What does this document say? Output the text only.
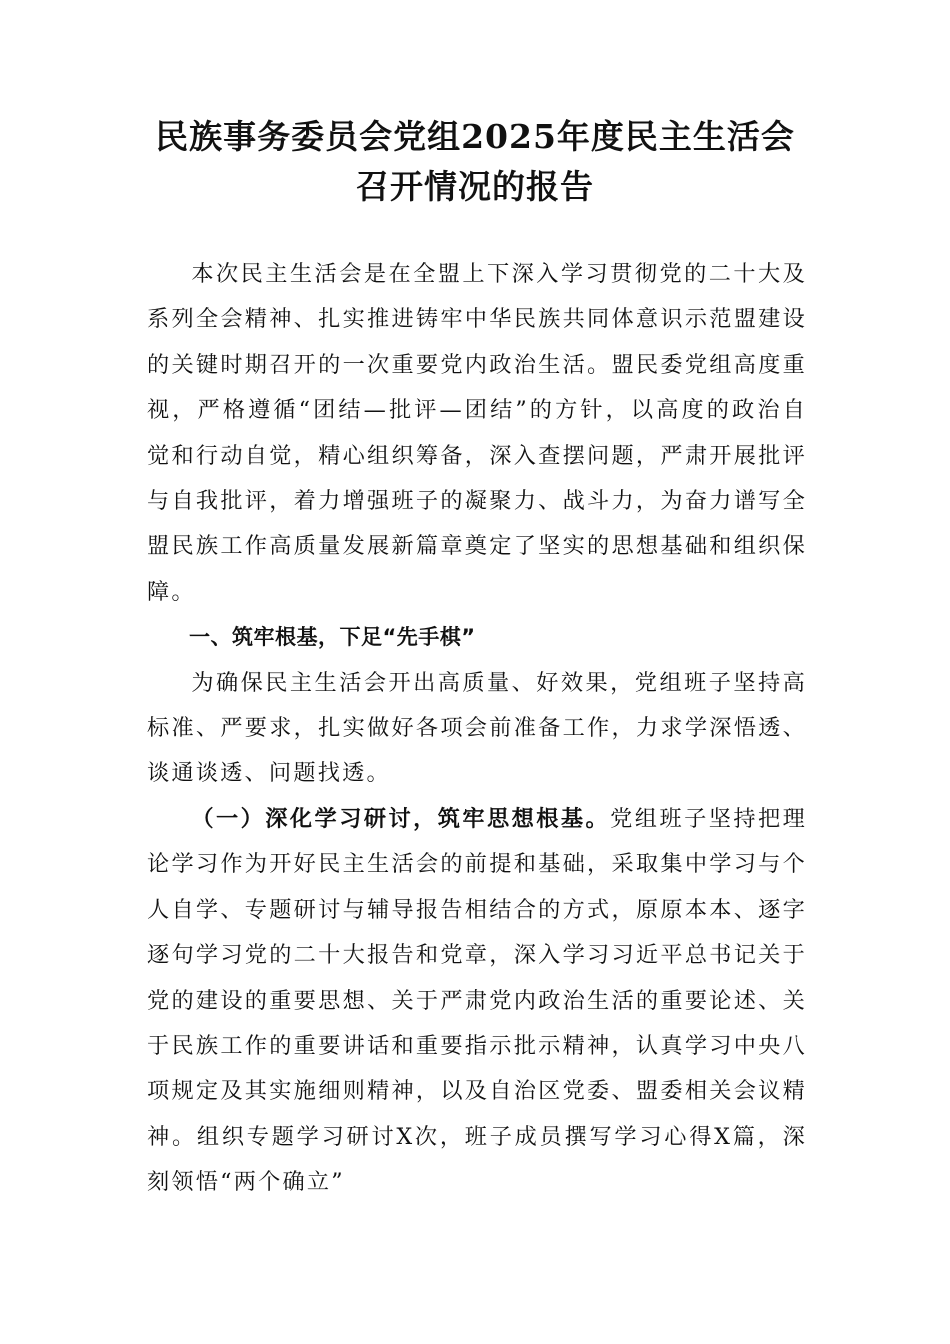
民族事务委员会党组2025年度民主生活会
召开情况的报告

本次民主生活会是在全盟上下深入学习贯彻党的二十大及系列全会精神、扎实推进铸牢中华民族共同体意识示范盟建设的关键时期召开的一次重要党内政治生活。盟民委党组高度重视，严格遵循“团结—批评—团结”的方针，以高度的政治自觉和行动自觉，精心组织筹备，深入查摆问题，严肃开展批评与自我批评，着力增强班子的凝聚力、战斗力，为奋力谱写全盟民族工作高质量发展新篇章奠定了坚实的思想基础和组织保障。

一、筑牢根基，下足“先手棋”

为确保民主生活会开出高质量、好效果，党组班子坚持高标准、严要求，扎实做好各项会前准备工作，力求学深悟透、谈通谈透、问题找透。

（一）深化学习研讨，筑牢思想根基。党组班子坚持把理论学习作为开好民主生活会的前提和基础，采取集中学习与个人自学、专题研讨与辅导报告相结合的方式，原原本本、逐字逐句学习党的二十大报告和党章，深入学习习近平总书记关于党的建设的重要思想、关于严肃党内政治生活的重要论述、关于民族工作的重要讲话和重要指示批示精神，认真学习中央八项规定及其实施细则精神，以及自治区党委、盟委相关会议精神。组织专题学习研讨X次，班子成员撰写学习心得X篇，深刻领悟“两个确立”
